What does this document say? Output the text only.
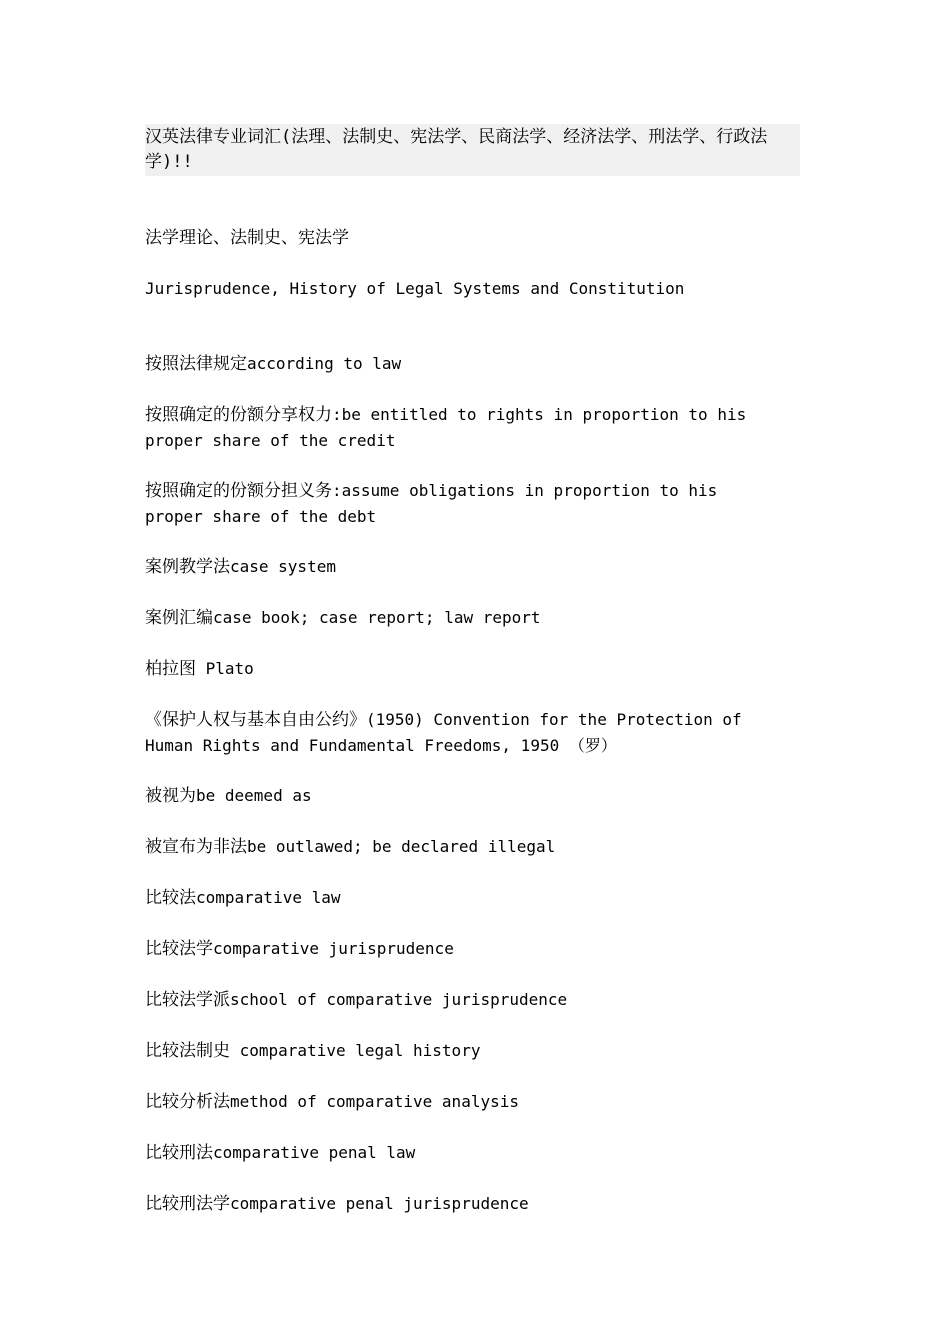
汉英法律专业词汇(法理、法制史、宪法学、民商法学、经济法学、刑法学、行政法学)!!
法学理论、法制史、宪法学
Jurisprudence, History of Legal Systems and Constitution
按照法律规定according to law
按照确定的份额分享权力:be entitled to rights in proportion to his
proper share of the credit
按照确定的份额分担义务:assume obligations in proportion to his
proper share of the debt
案例教学法case system
案例汇编case book; case report; law report
柏拉图 Plato
《保护人权与基本自由公约》(1950) Convention for the Protection of
Human Rights and Fundamental Freedoms, 1950 （罗）
被视为be deemed as
被宣布为非法be outlawed; be declared illegal
比较法comparative law
比较法学comparative jurisprudence
比较法学派school of comparative jurisprudence
比较法制史 comparative legal history
比较分析法method of comparative analysis
比较刑法comparative penal law
比较刑法学comparative penal jurisprudence
